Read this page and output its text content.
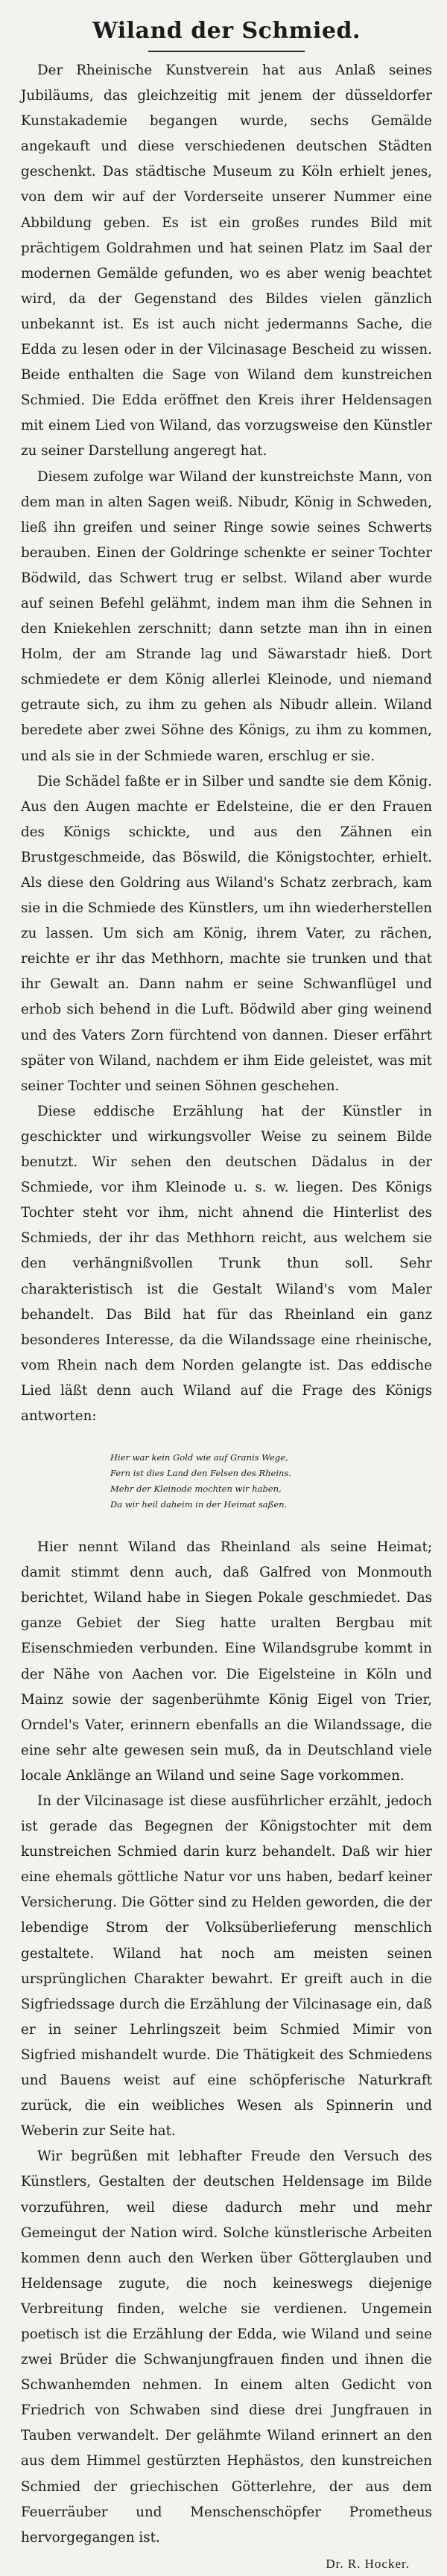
Wiland der Schmied.

Der Rheinische Kunstverein hat aus Anlaß seines Jubiläums, das gleichzeitig mit jenem der düsseldorfer Kunstakademie begangen wurde, sechs Gemälde angekauft und diese verschiedenen deutschen Städten geschenkt. Das städtische Museum zu Köln erhielt jenes, von dem wir auf der Vorderseite unserer Nummer eine Abbildung geben. Es ist ein großes rundes Bild mit prächtigem Goldrahmen und hat seinen Platz im Saal der modernen Gemälde gefunden, wo es aber wenig beachtet wird, da der Gegenstand des Bildes vielen gänzlich unbekannt ist. Es ist auch nicht jedermanns Sache, die Edda zu lesen oder in der Vilcinasage Bescheid zu wissen. Beide enthalten die Sage von Wiland dem kunstreichen Schmied. Die Edda eröffnet den Kreis ihrer Heldensagen mit einem Lied von Wiland, das vorzugsweise den Künstler zu seiner Darstellung angeregt hat.

Diesem zufolge war Wiland der kunstreichste Mann, von dem man in alten Sagen weiß. Nibudr, König in Schweden, ließ ihn greifen und seiner Ringe sowie seines Schwerts berauben. Einen der Goldringe schenkte er seiner Tochter Bödwild, das Schwert trug er selbst. Wiland aber wurde auf seinen Befehl gelähmt, indem man ihm die Sehnen in den Kniekehlen zerschnitt; dann setzte man ihn in einen Holm, der am Strande lag und Säwarstadr hieß. Dort schmiedete er dem König allerlei Kleinode, und niemand getraute sich, zu ihm zu gehen als Nibudr allein. Wiland beredete aber zwei Söhne des Königs, zu ihm zu kommen, und als sie in der Schmiede waren, erschlug er sie.

Die Schädel faßte er in Silber und sandte sie dem König. Aus den Augen machte er Edelsteine, die er den Frauen des Königs schickte, und aus den Zähnen ein Brustgeschmeide, das Böswild, die Königstochter, erhielt. Als diese den Goldring aus Wiland's Schatz zerbrach, kam sie in die Schmiede des Künstlers, um ihn wiederherstellen zu lassen. Um sich am König, ihrem Vater, zu rächen, reichte er ihr das Methhorn, machte sie trunken und that ihr Gewalt an. Dann nahm er seine Schwanflügel und erhob sich behend in die Luft. Bödwild aber ging weinend und des Vaters Zorn fürchtend von dannen. Dieser erfährt später von Wiland, nachdem er ihm Eide geleistet, was mit seiner Tochter und seinen Söhnen geschehen.

Diese eddische Erzählung hat der Künstler in geschickter und wirkungsvoller Weise zu seinem Bilde benutzt. Wir sehen den deutschen Dädalus in der Schmiede, vor ihm Kleinode u. s. w. liegen. Des Königs Tochter steht vor ihm, nicht ahnend die Hinterlist des Schmieds, der ihr das Methhorn reicht, aus welchem sie den verhängnißvollen Trunk thun soll. Sehr charakteristisch ist die Gestalt Wiland's vom Maler behandelt. Das Bild hat für das Rheinland ein ganz besonderes Interesse, da die Wilandssage eine rheinische, vom Rhein nach dem Norden gelangte ist. Das eddische Lied läßt denn auch Wiland auf die Frage des Königs antworten:

Hier war kein Gold wie auf Granis Wege,
Fern ist dies Land den Felsen des Rheins.
Mehr der Kleinode mochten wir haben,
Da wir heil daheim in der Heimat saßen.

Hier nennt Wiland das Rheinland als seine Heimat; damit stimmt denn auch, daß Galfred von Monmouth berichtet, Wiland habe in Siegen Pokale geschmiedet. Das ganze Gebiet der Sieg hatte uralten Bergbau mit Eisenschmieden verbunden. Eine Wilandsgrube kommt in der Nähe von Aachen vor. Die Eigelsteine in Köln und Mainz sowie der sagenberühmte König Eigel von Trier, Orndel's Vater, erinnern ebenfalls an die Wilandssage, die eine sehr alte gewesen sein muß, da in Deutschland viele locale Anklänge an Wiland und seine Sage vorkommen.

In der Vilcinasage ist diese ausführlicher erzählt, jedoch ist gerade das Begegnen der Königstochter mit dem kunstreichen Schmied darin kurz behandelt. Daß wir hier eine ehemals göttliche Natur vor uns haben, bedarf keiner Versicherung. Die Götter sind zu Helden geworden, die der lebendige Strom der Volksüberlieferung menschlich gestaltete. Wiland hat noch am meisten seinen ursprünglichen Charakter bewahrt. Er greift auch in die Sigfriedssage durch die Erzählung der Vilcinasage ein, daß er in seiner Lehrlingszeit beim Schmied Mimir von Sigfried mishandelt wurde. Die Thätigkeit des Schmiedens und Bauens weist auf eine schöpferische Naturkraft zurück, die ein weibliches Wesen als Spinnerin und Weberin zur Seite hat.

Wir begrüßen mit lebhafter Freude den Versuch des Künstlers, Gestalten der deutschen Heldensage im Bilde vorzuführen, weil diese dadurch mehr und mehr Gemeingut der Nation wird. Solche künstlerische Arbeiten kommen denn auch den Werken über Götterglauben und Heldensage zugute, die noch keineswegs diejenige Verbreitung finden, welche sie verdienen. Ungemein poetisch ist die Erzählung der Edda, wie Wiland und seine zwei Brüder die Schwanjungfrauen finden und ihnen die Schwanhemden nehmen. In einem alten Gedicht von Friedrich von Schwaben sind diese drei Jungfrauen in Tauben verwandelt. Der gelähmte Wiland erinnert an den aus dem Himmel gestürzten Hephästos, den kunstreichen Schmied der griechischen Götterlehre, der aus dem Feuerräuber und Menschenschöpfer Prometheus hervorgegangen ist.

Dr. R. Hocker.
